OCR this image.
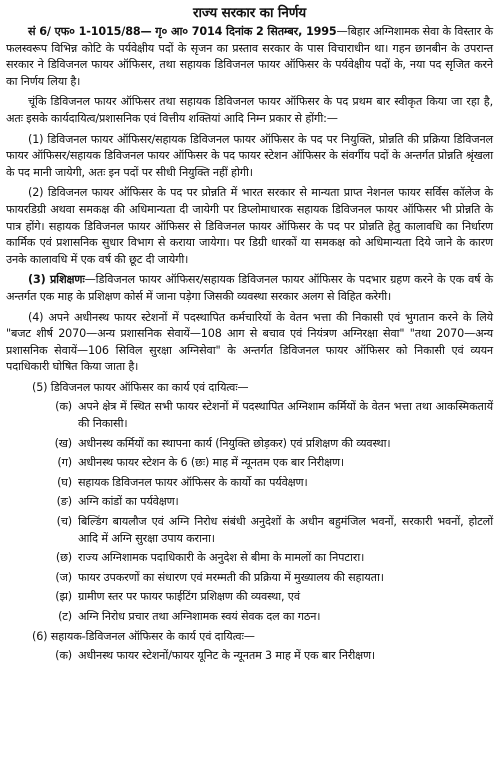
राज्य सरकार का निर्णय

सं 6/ एफ० 1-1015/88— गृ० आ० 7014 दिनांक 2 सितम्बर, 1995—बिहार अग्निशामक सेवा के विस्तार के फलस्वरूप विभिन्न कोटि के पर्यवेक्षीय पदों के सृजन का प्रस्ताव सरकार के पास विचाराधीन था। गहन छानबीन के उपरान्त सरकार ने डिविजनल फायर ऑफिसर, तथा सहायक डिविजनल फायर ऑफिसर के पर्यवेक्षीय पदों के, नया पद सृजित करने का निर्णय लिया है।

चूंकि डिविजनल फायर ऑफिसर तथा सहायक डिविजनल फायर ऑफिसर के पद प्रथम बार स्वीकृत किया जा रहा है, अतः इसके कार्यदायित्व/प्रशासनिक एवं वित्तीय शक्तियां आदि निम्न प्रकार से होंगी:—

(1) डिविजनल फायर ऑफिसर/सहायक डिविजनल फायर ऑफिसर के पद पर नियुक्ति, प्रोन्नति की प्रक्रिया डिविजनल फायर ऑफिसर/सहायक डिविजनल फायर ऑफिसर के पद फायर स्टेशन ऑफिसर के संवर्गीय पदों के अन्तर्गत प्रोन्नति श्रृंखला के पद मानी जायेगी, अतः इन पदों पर सीधी नियुक्ति नहीं होगी।

(2) डिविजनल फायर ऑफिसर के पद पर प्रोन्नति में भारत सरकार से मान्यता प्राप्त नेशनल फायर सर्विस कॉलेज के फायरडिग्री अथवा समकक्ष की अधिमान्यता दी जायेगी पर डिप्लोमाधारक सहायक डिविजनल फायर ऑफिसर भी प्रोन्नति के पात्र होंगे। सहायक डिविजनल फायर ऑफिसर से डिविजनल फायर ऑफिसर के पद पर प्रोन्नति हेतु कालावधि का निर्धारण कार्मिक एवं प्रशासनिक सुधार विभाग से कराया जायेगा। पर डिग्री धारकों या समकक्ष को अधिमान्यता दिये जाने के कारण उनके कालावधि में एक वर्ष की छूट दी जायेगी।

(3) प्रशिक्षणः—डिविजनल फायर ऑफिसर/सहायक डिविजनल फायर ऑफिसर के पदभार ग्रहण करने के एक वर्ष के अन्तर्गत एक माह के प्रशिक्षण कोर्स में जाना पड़ेगा जिसकी व्यवस्था सरकार अलग से विहित करेगी।

(4) अपने अधीनस्थ फायर स्टेशनों में पदस्थापित कर्मचारियों के वेतन भत्ता की निकासी एवं भुगतान करने के लिये "बजट शीर्ष 2070—अन्य प्रशासनिक सेवायें—108 आग से बचाव एवं नियंत्रण अग्निरक्षा सेवा" "तथा 2070—अन्य प्रशासनिक सेवायें—106 सिविल सुरक्षा अग्निसेवा" के अन्तर्गत डिविजनल फायर ऑफिसर को निकासी एवं व्ययन पदाधिकारी घोषित किया जाता है।

(5) डिविजनल फायर ऑफिसर का कार्य एवं दायित्वः—
(क) अपने क्षेत्र में स्थित सभी फायर स्टेशनों में पदस्थापित अग्निशाम कर्मियों के वेतन भत्ता तथा आकस्मिकतायें की निकासी।
(ख) अधीनस्थ कर्मियों का स्थापना कार्य (नियुक्ति छोड़कर) एवं प्रशिक्षण की व्यवस्था।
(ग) अधीनस्थ फायर स्टेशन के 6 (छः) माह में न्यूनतम एक बार निरीक्षण।
(घ) सहायक डिविजनल फायर ऑफिसर के कार्यो का पर्यवेक्षण।
(ङ) अग्नि कांडों का पर्यवेक्षण।
(च) बिल्डिंग बायलौज एवं अग्नि निरोध संबंधी अनुदेशों के अधीन बहुमंजिल भवनों, सरकारी भवनों, होटलों आदि में अग्नि सुरक्षा उपाय कराना।
(छ) राज्य अग्निशामक पदाधिकारी के अनुदेश से बीमा के मामलों का निपटारा।
(ज) फायर उपकरणों का संधारण एवं मरम्मती की प्रक्रिया में मुख्यालय की सहायता।
(झ) ग्रामीण स्तर पर फायर फाईटिंग प्रशिक्षण की व्यवस्था, एवं
(ट) अग्नि निरोध प्रचार तथा अग्निशामक स्वयं सेवक दल का गठन।
(6) सहायक-डिविजनल ऑफिसर के कार्य एवं दायित्वः—
(क) अधीनस्थ फायर स्टेशनों/फायर यूनिट के न्यूनतम 3 माह में एक बार निरीक्षण।
